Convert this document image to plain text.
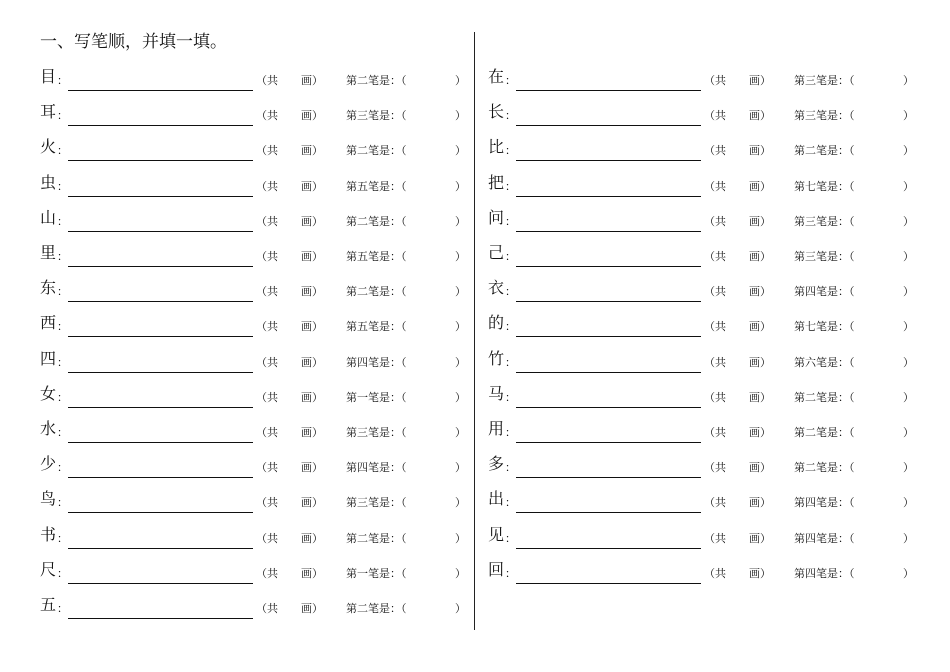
一、写笔顺，并填一填。
目 ：	（共 画） 第二笔是：（	）
耳 ：	（共 画） 第三笔是：（	）
火 ：	（共 画） 第二笔是：（	）
虫 ：	（共 画） 第五笔是：（	）
山 ：	（共 画） 第二笔是：（	）
里 ：	（共 画） 第五笔是：（	）
东 ：	（共 画） 第二笔是：（	）
西 ：	（共 画） 第五笔是：（	）
四 ：	（共 画） 第四笔是：（	）
女 ：	（共 画） 第一笔是：（	）
水 ：	（共 画） 第三笔是：（	）
少 ：	（共 画） 第四笔是：（	）
鸟 ：	（共 画） 第三笔是：（	）
书 ：	（共 画） 第二笔是：（	）
尺 ：	（共 画） 第一笔是：（	）
五 ：	（共 画） 第二笔是：（	）
在 ：	（共 画） 第三笔是：（	）
长 ：	（共 画） 第三笔是：（	）
比 ：	（共 画） 第二笔是：（	）
把 ：	（共 画） 第七笔是：（	）
问 ：	（共 画） 第三笔是：（	）
己 ：	（共 画） 第三笔是：（	）
衣 ：	（共 画） 第四笔是：（	）
的 ：	（共 画） 第七笔是：（	）
竹 ：	（共 画） 第六笔是：（	）
马 ：	（共 画） 第二笔是：（	）
用 ：	（共 画） 第二笔是：（	）
多 ：	（共 画） 第二笔是：（	）
出 ：	（共 画） 第四笔是：（	）
见 ：	（共 画） 第四笔是：（	）
回 ：	（共 画） 第四笔是：（	）
